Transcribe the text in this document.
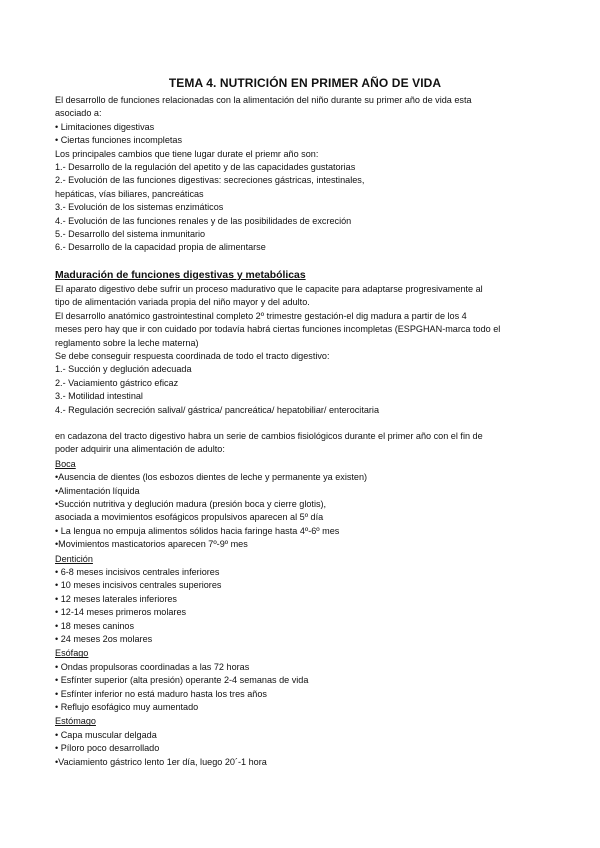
TEMA 4. NUTRICIÓN EN PRIMER AÑO DE VIDA
El desarrollo de funciones relacionadas con la alimentación del niño durante su primer año de vida esta
asociado a:
• Limitaciones digestivas
• Ciertas funciones incompletas
Los principales cambios que tiene lugar durate el priemr año son:
1.- Desarrollo de la regulación del apetito y de las capacidades gustatorias
2.- Evolución de las funciones digestivas: secreciones gástricas, intestinales,
hepáticas, vías biliares, pancreáticas
3.- Evolución de los sistemas enzimáticos
4.- Evolución de las funciones renales y de las posibilidades de excreción
5.- Desarrollo del sistema inmunitario
6.- Desarrollo de la capacidad propia de alimentarse
Maduración de funciones digestivas y metabólicas
El aparato digestivo debe sufrir un proceso madurativo que le capacite para adaptarse progresivamente al
tipo de alimentación variada propia del niño mayor y del adulto.
El desarrollo anatómico gastrointestinal completo 2º trimestre gestación-el dig madura a partir de los 4
meses pero hay que ir con cuidado por todavía habrá ciertas funciones incompletas (ESPGHAN-marca todo el
reglamento sobre la leche materna)
Se debe conseguir respuesta coordinada de todo el tracto digestivo:
1.- Succión y deglución adecuada
2.- Vaciamiento gástrico eficaz
3.- Motilidad intestinal
4.- Regulación secreción salival/ gástrica/ pancreática/ hepatobiliar/ enterocitaria
en cadazona del tracto digestivo habra un serie de cambios fisiológicos durante el primer año con el fin de
poder adquirir una alimentación de adulto:
Boca
•Ausencia de dientes (los esbozos dientes de leche y permanente ya existen)
•Alimentación líquida
•Succión nutritiva y deglución madura (presión boca y cierre glotis),
asociada a movimientos esofágicos propulsivos aparecen al 5º día
• La lengua no empuja alimentos sólidos hacia faringe hasta 4º-6º mes
•Movimientos masticatorios aparecen 7º-9º mes
Dentición
• 6-8 meses incisivos centrales inferiores
• 10 meses incisivos centrales superiores
• 12 meses laterales inferiores
• 12-14 meses primeros molares
• 18 meses caninos
• 24 meses 2os molares
Esófago
• Ondas propulsoras coordinadas a las 72 horas
• Esfínter superior (alta presión) operante 2-4 semanas de vida
• Esfínter inferior no está maduro hasta los tres años
• Reflujo esofágico muy aumentado
Estómago
• Capa muscular delgada
• Píloro poco desarrollado
•Vaciamiento gástrico lento 1er día, luego 20´-1 hora
